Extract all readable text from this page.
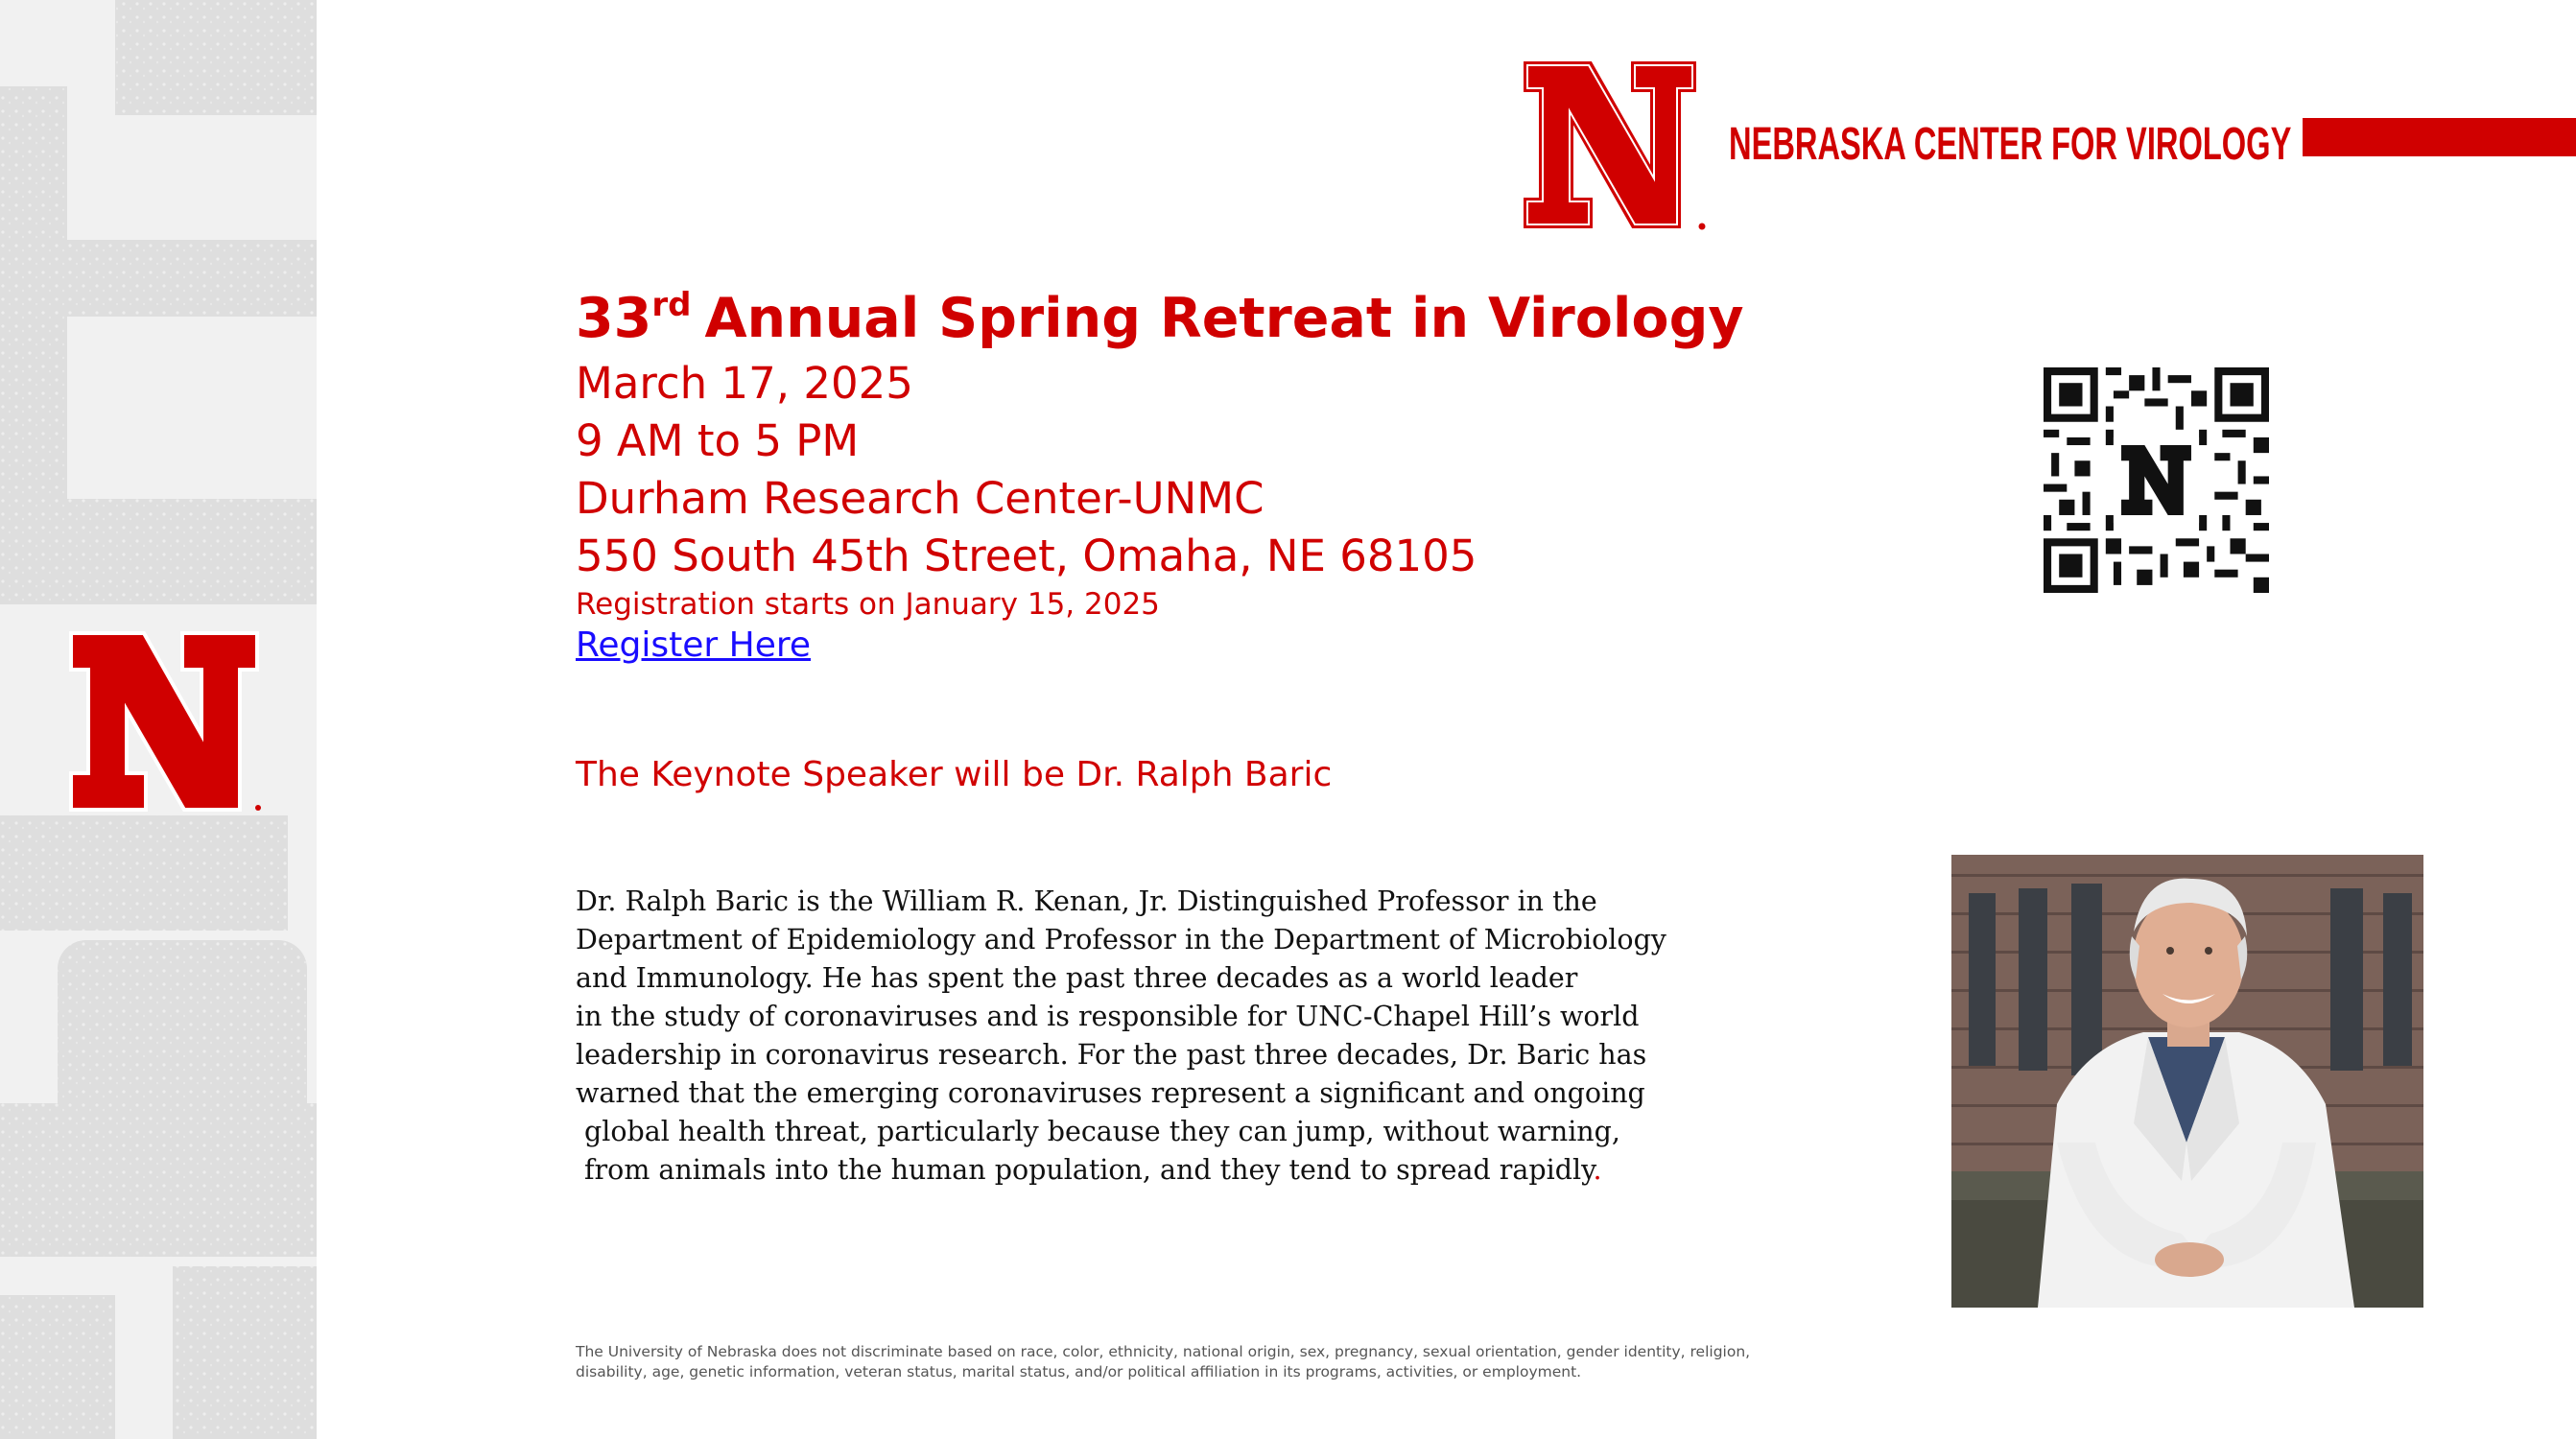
NEBRASKA CENTER FOR VIROLOGY
33rd Annual Spring Retreat in Virology
March 17, 2025
9 AM to 5 PM
Durham Research Center-UNMC
550 South 45th Street, Omaha, NE 68105
Registration starts on January 15, 2025
Register Here
The Keynote Speaker will be Dr. Ralph Baric
Dr. Ralph Baric is the William R. Kenan, Jr. Distinguished Professor in the
Department of Epidemiology and Professor in the Department of Microbiology
and Immunology. He has spent the past three decades as a world leader
in the study of coronaviruses and is responsible for UNC-Chapel Hill’s world
leadership in coronavirus research. For the past three decades, Dr. Baric has
warned that the emerging coronaviruses represent a significant and ongoing
global health threat, particularly because they can jump, without warning,
from animals into the human population, and they tend to spread rapidly.
The University of Nebraska does not discriminate based on race, color, ethnicity, national origin, sex, pregnancy, sexual orientation, gender identity, religion,
disability, age, genetic information, veteran status, marital status, and/or political affiliation in its programs, activities, or employment.
